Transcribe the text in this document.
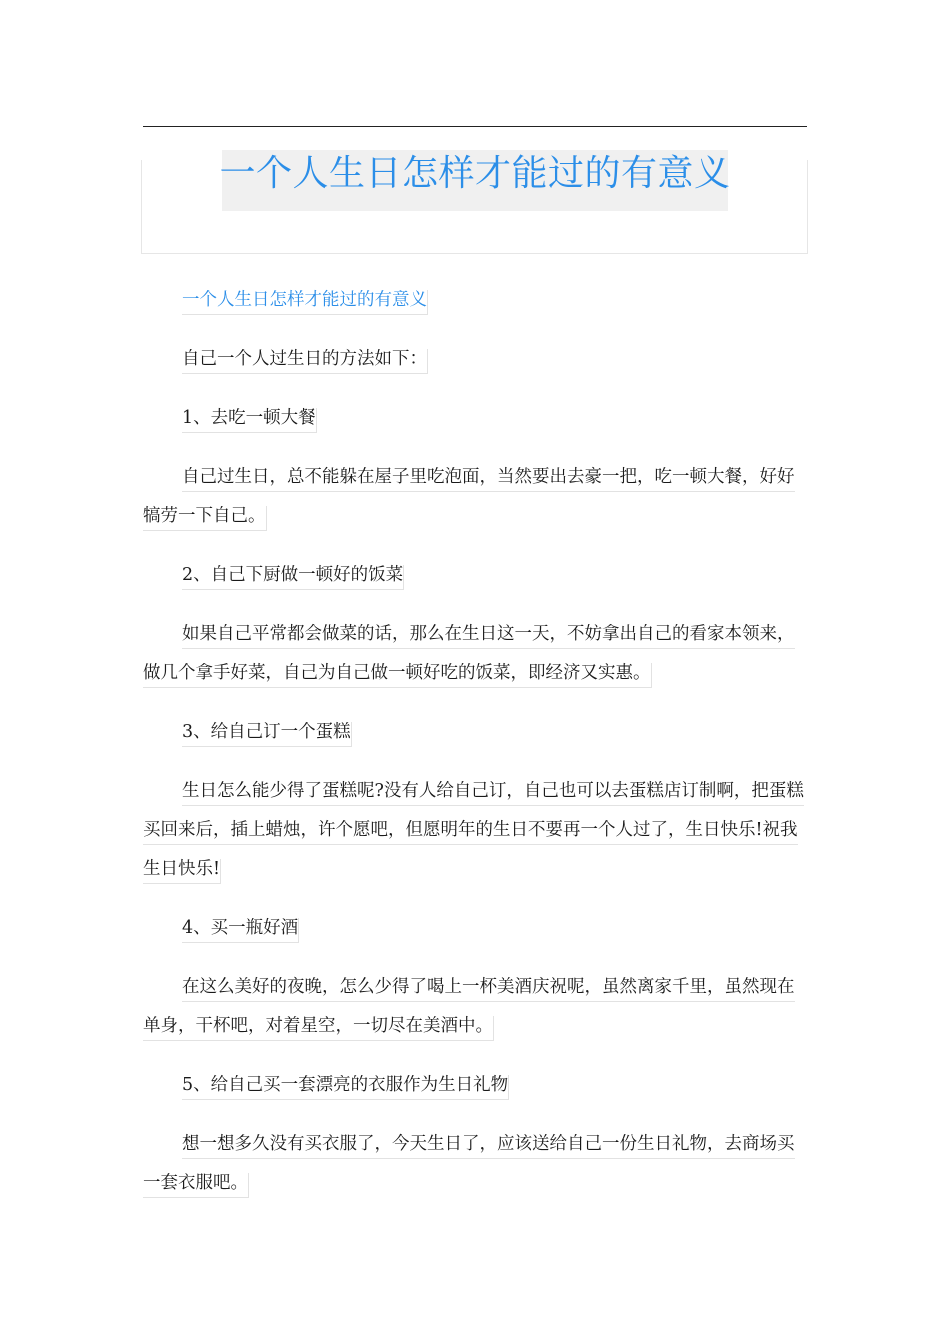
一个人生日怎样才能过的有意义

一个人生日怎样才能过的有意义

自己一个人过生日的方法如下：

1、去吃一顿大餐

自己过生日，总不能躲在屋子里吃泡面，当然要出去豪一把，吃一顿大餐，好好犒劳一下自己。

2、自己下厨做一顿好的饭菜

如果自己平常都会做菜的话，那么在生日这一天，不妨拿出自己的看家本领来，做几个拿手好菜，自己为自己做一顿好吃的饭菜，即经济又实惠。

3、给自己订一个蛋糕

生日怎么能少得了蛋糕呢?没有人给自己订，自己也可以去蛋糕店订制啊，把蛋糕买回来后，插上蜡烛，许个愿吧，但愿明年的生日不要再一个人过了，生日快乐!祝我生日快乐!

4、买一瓶好酒

在这么美好的夜晚，怎么少得了喝上一杯美酒庆祝呢，虽然离家千里，虽然现在单身，干杯吧，对着星空，一切尽在美酒中。

5、给自己买一套漂亮的衣服作为生日礼物

想一想多久没有买衣服了，今天生日了，应该送给自己一份生日礼物，去商场买一套衣服吧。
